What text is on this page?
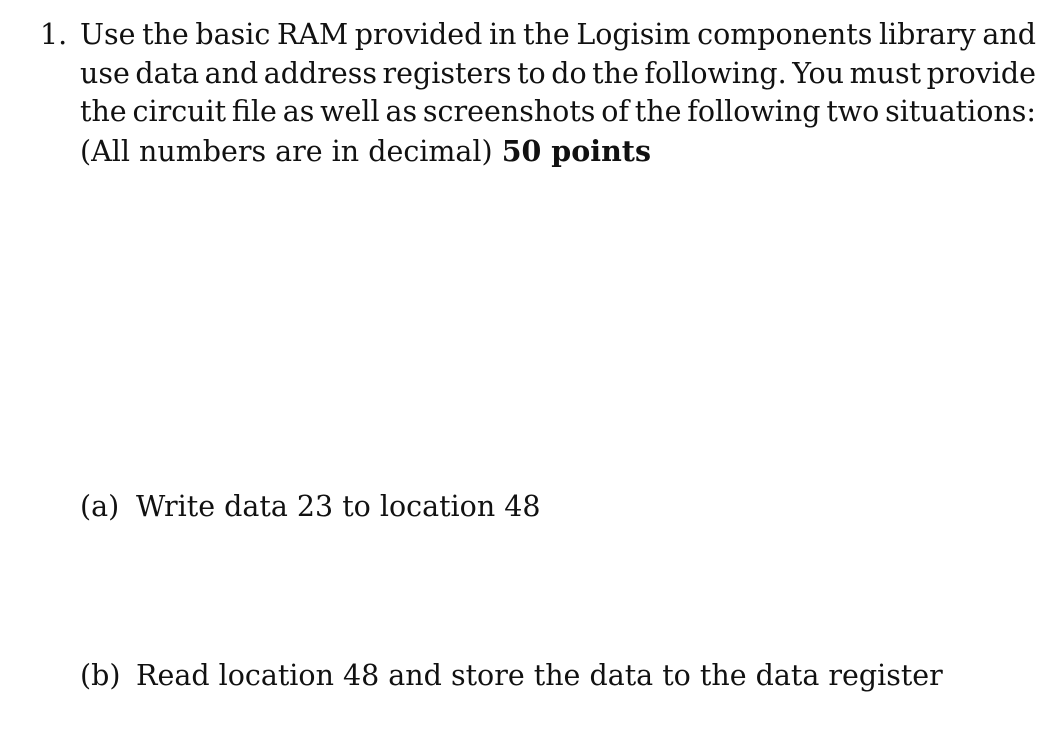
1. Use the basic RAM provided in the Logisim components library and
use data and address registers to do the following. You must provide
the circuit file as well as screenshots of the following two situations:
(All numbers are in decimal) 50 points
(a) Write data 23 to location 48
(b) Read location 48 and store the data to the data register
